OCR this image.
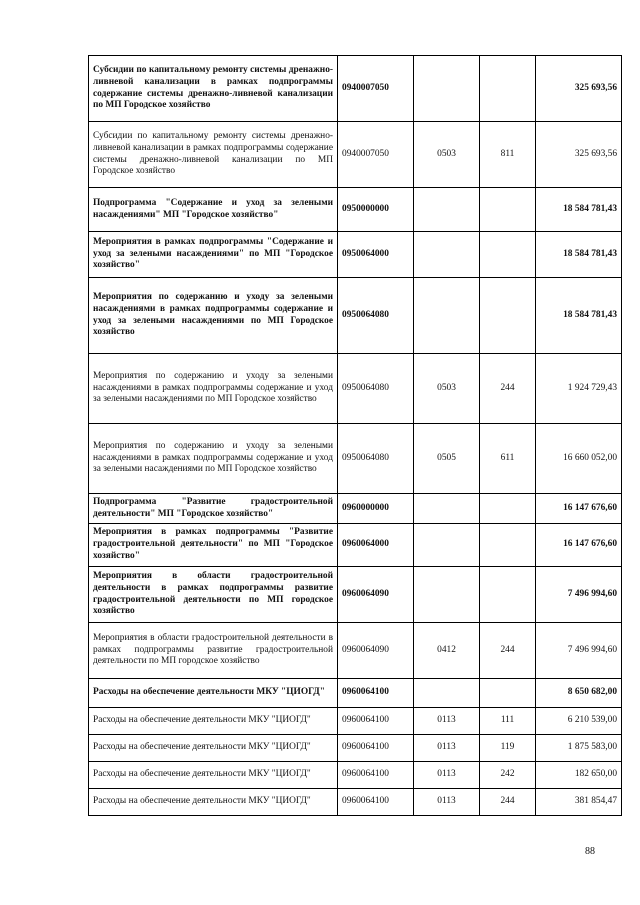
Субсидии по капитальному ремонту системы дренажно-ливневой канализации в рамках подпрограммы содержание системы дренажно-ливневой канализации по МП Городское хозяйство	0940007050			325 693,56
Субсидии по капитальному ремонту системы дренажно-ливневой канализации в рамках подпрограммы содержание системы дренажно-ливневой канализации по МП Городское хозяйство	0940007050	0503	811	325 693,56
Подпрограмма "Содержание и уход за зелеными насаждениями" МП "Городское хозяйство"	0950000000			18 584 781,43
Мероприятия в рамках подпрограммы "Содержание и уход за зелеными насаждениями" по МП "Городское хозяйство"	0950064000			18 584 781,43
Мероприятия по содержанию и уходу за зелеными насаждениями в рамках подпрограммы содержание и уход за зелеными насаждениями по МП Городское хозяйство	0950064080			18 584 781,43
Мероприятия по содержанию и уходу за зелеными насаждениями в рамках подпрограммы содержание и уход за зелеными насаждениями по МП Городское хозяйство	0950064080	0503	244	1 924 729,43
Мероприятия по содержанию и уходу за зелеными насаждениями в рамках подпрограммы содержание и уход за зелеными насаждениями по МП Городское хозяйство	0950064080	0505	611	16 660 052,00
Подпрограмма "Развитие градостроительной деятельности" МП "Городское хозяйство"	0960000000			16 147 676,60
Мероприятия в рамках подпрограммы "Развитие градостроительной деятельности" по МП "Городское хозяйство"	0960064000			16 147 676,60
Мероприятия в области градостроительной деятельности в рамках подпрограммы развитие градостроительной деятельности по МП городское хозяйство	0960064090			7 496 994,60
Мероприятия в области градостроительной деятельности в рамках подпрограммы развитие градостроительной деятельности по МП городское хозяйство	0960064090	0412	244	7 496 994,60
Расходы на обеспечение деятельности МКУ "ЦИОГД"	0960064100			8 650 682,00
Расходы на обеспечение деятельности МКУ "ЦИОГД"	0960064100	0113	111	6 210 539,00
Расходы на обеспечение деятельности МКУ "ЦИОГД"	0960064100	0113	119	1 875 583,00
Расходы на обеспечение деятельности МКУ "ЦИОГД"	0960064100	0113	242	182 650,00
Расходы на обеспечение деятельности МКУ "ЦИОГД"	0960064100	0113	244	381 854,47
88
